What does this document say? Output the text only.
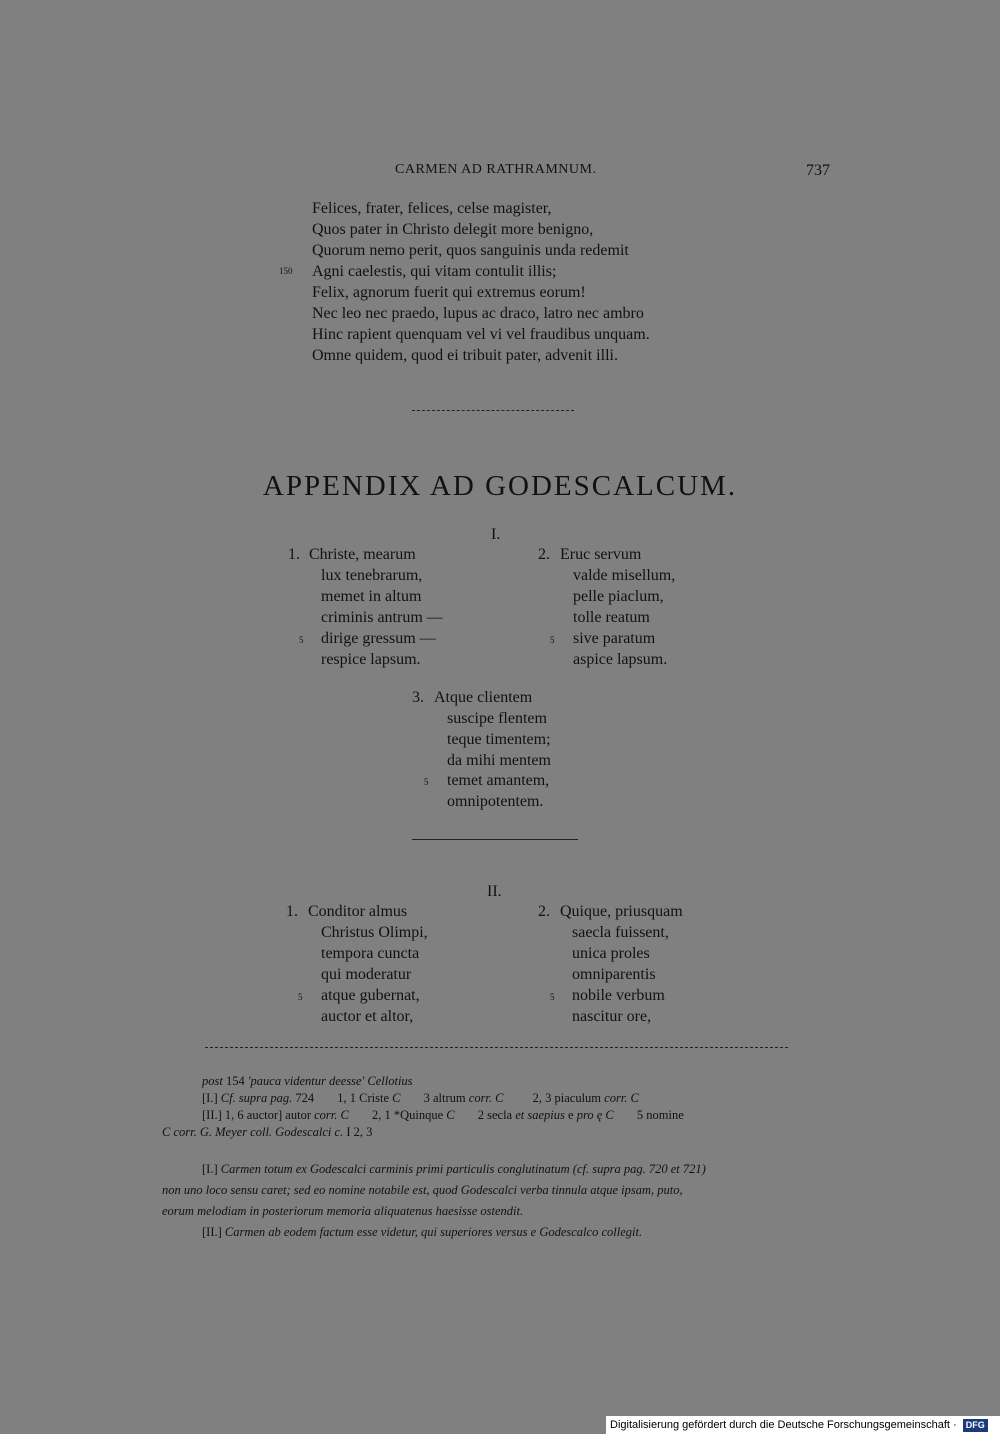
CARMEN AD RATHRAMNUM.	737
Felices, frater, felices, celse magister,
Quos pater in Christo delegit more benigno,
Quorum nemo perit, quos sanguinis unda redemit
150 Agni caelestis, qui vitam contulit illis;
Felix, agnorum fuerit qui extremus eorum!
Nec leo nec praedo, lupus ac draco, latro nec ambro
Hinc rapient quenquam vel vi vel fraudibus unquam.
Omne quidem, quod ei tribuit pater, advenit illi.
APPENDIX AD GODESCALCUM.
I.
1. Christe, mearum
lux tenebrarum,
memet in altum
criminis antrum —
5 dirige gressum —
respice lapsum.
2. Eruc servum
valde misellum,
pelle piaclum,
tolle reatum
5 sive paratum
aspice lapsum.
3. Atque clientem
suscipe flentem
teque timentem;
da mihi mentem
5 temet amantem,
omnipotentem.
II.
1. Conditor almus
Christus Olimpi,
tempora cuncta
qui moderatur
5 atque gubernat,
auctor et altor,
2. Quique, priusquam
saecla fuissent,
unica proles
omniparentis
5 nobile verbum
nascitur ore,
post 154 'pauca videntur deesse' Cellotius
[I.] Cf. supra pag. 724 1, 1 Criste C 3 altrum corr. C 2, 3 piaculum corr. C
[II.] 1, 6 auctor] autor corr. C 2, 1 *Quinque C 2 secla et saepius e pro ę C 5 nomine
C corr. G. Meyer coll. Godescalci c. I 2, 3
[I.] Carmen totum ex Godescalci carminis primi particulis conglutinatum (cf. supra pag. 720 et 721)
non uno loco sensu caret; sed eo nomine notabile est, quod Godescalci verba tinnula atque ipsam, puto,
eorum melodiam in posteriorum memoria aliquatenus haesisse ostendit.
[II.] Carmen ab eodem factum esse videtur, qui superiores versus e Godescalco collegit.
Digitalisierung gefördert durch die Deutsche Forschungsgemeinschaft · DFG
